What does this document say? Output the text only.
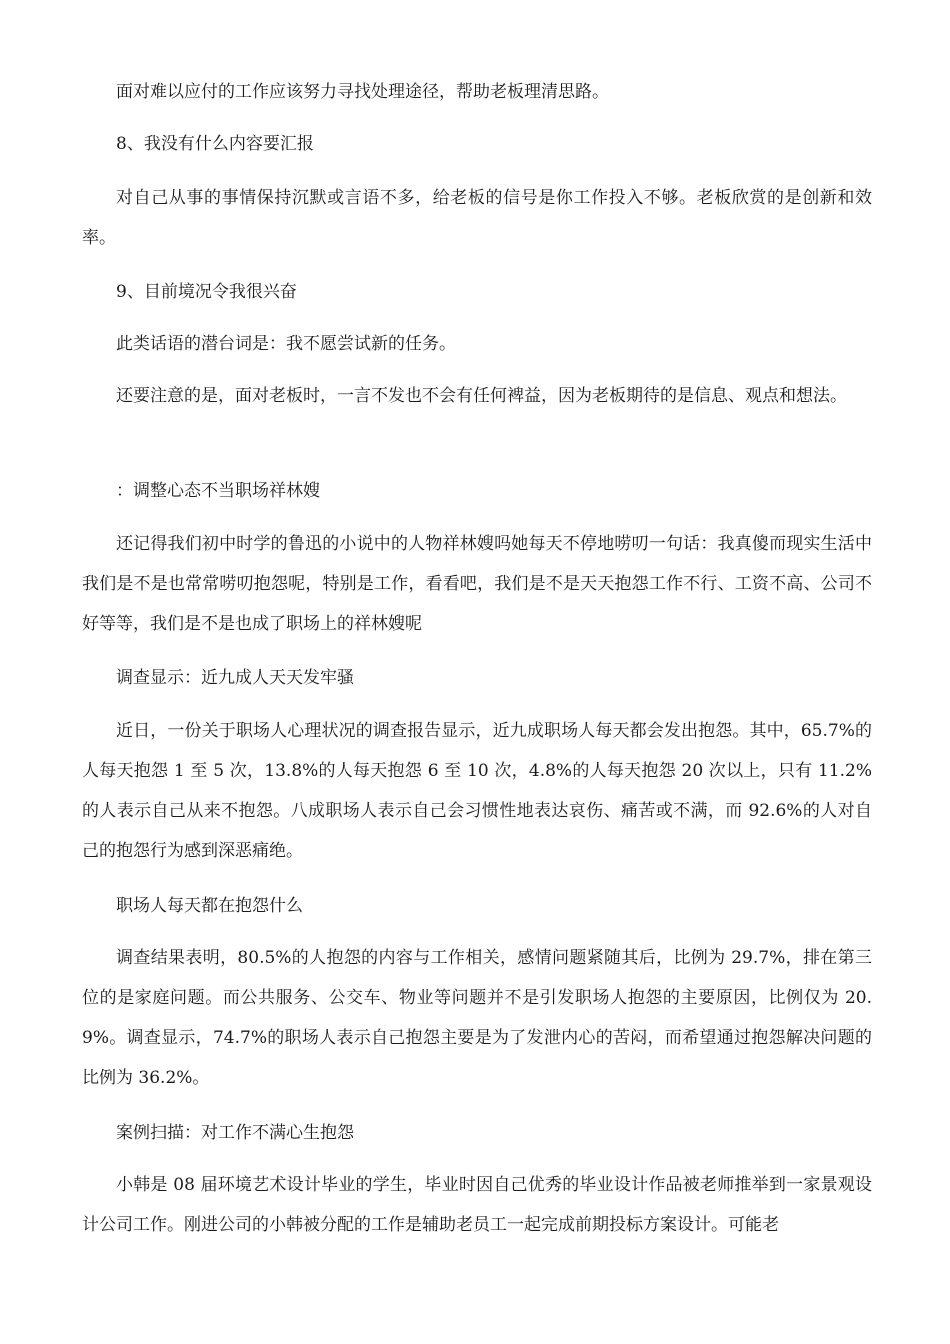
面对难以应付的工作应该努力寻找处理途径，帮助老板理清思路。

8、我没有什么内容要汇报

对自己从事的事情保持沉默或言语不多，给老板的信号是你工作投入不够。老板欣赏的是创新和效率。

9、目前境况令我很兴奋

此类话语的潜台词是：我不愿尝试新的任务。

还要注意的是，面对老板时，一言不发也不会有任何裨益，因为老板期待的是信息、观点和想法。

：调整心态不当职场祥林嫂

还记得我们初中时学的鲁迅的小说中的人物祥林嫂吗她每天不停地唠叨一句话：我真傻而现实生活中我们是不是也常常唠叨抱怨呢，特别是工作，看看吧，我们是不是天天抱怨工作不行、工资不高、公司不好等等，我们是不是也成了职场上的祥林嫂呢

调查显示：近九成人天天发牢骚

近日，一份关于职场人心理状况的调查报告显示，近九成职场人每天都会发出抱怨。其中，65.7%的人每天抱怨 1 至 5 次，13.8%的人每天抱怨 6 至 10 次，4.8%的人每天抱怨 20 次以上，只有 11.2%的人表示自己从来不抱怨。八成职场人表示自己会习惯性地表达哀伤、痛苦或不满，而 92.6%的人对自己的抱怨行为感到深恶痛绝。

职场人每天都在抱怨什么

调查结果表明，80.5%的人抱怨的内容与工作相关，感情问题紧随其后，比例为 29.7%，排在第三位的是家庭问题。而公共服务、公交车、物业等问题并不是引发职场人抱怨的主要原因，比例仅为 20.9%。调查显示，74.7%的职场人表示自己抱怨主要是为了发泄内心的苦闷，而希望通过抱怨解决问题的比例为 36.2%。

案例扫描：对工作不满心生抱怨

小韩是 08 届环境艺术设计毕业的学生，毕业时因自己优秀的毕业设计作品被老师推举到一家景观设计公司工作。刚进公司的小韩被分配的工作是辅助老员工一起完成前期投标方案设计。可能老
